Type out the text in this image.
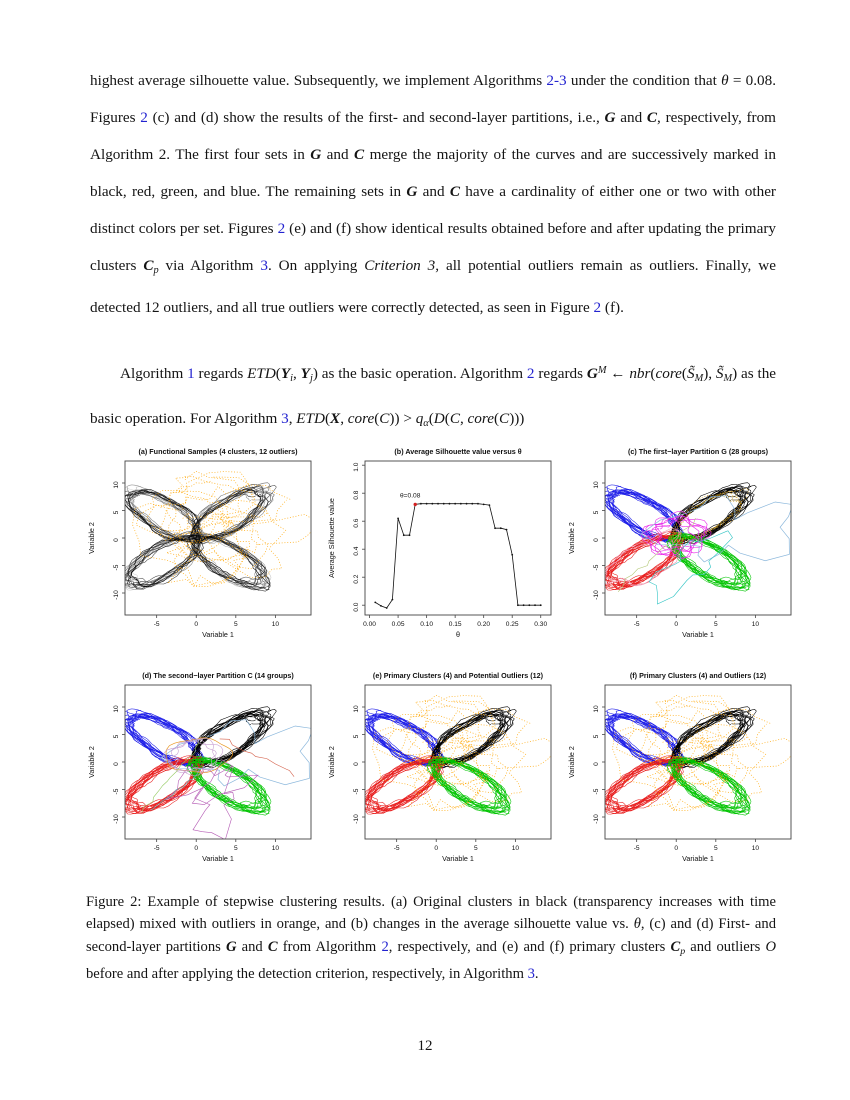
highest average silhouette value. Subsequently, we implement Algorithms 2-3 under the condition that θ = 0.08. Figures 2 (c) and (d) show the results of the first- and second-layer partitions, i.e., G and C, respectively, from Algorithm 2. The first four sets in G and C merge the majority of the curves and are successively marked in black, red, green, and blue. The remaining sets in G and C have a cardinality of either one or two with other distinct colors per set. Figures 2 (e) and (f) show identical results obtained before and after updating the primary clusters Cp via Algorithm 3. On applying Criterion 3, all potential outliers remain as outliers. Finally, we detected 12 outliers, and all true outliers were correctly detected, as seen in Figure 2 (f).
Algorithm 1 regards ETD(Yi, Yj) as the basic operation. Algorithm 2 regards $G^M$ ← nbr(core(S̃M), S̃M) as the basic operation. For Algorithm 3, ETD(X, core(C)) > qα(D(C, core(C)))
-5	0	5	10
-10
-5
0
5
10
Variable 1
Variable 2
(a) Functional Samples (4 clusters, 12 outliers)
0.00 0.05 0.10 0.15 0.20 0.25 0.30
0.0
0.2
0.4
0.6
0.8
1.0
θ
Average Silhouette value
(b) Average Silhouette value versus θ
θ=0.08
-5	0	5	10
-10
-5
0
5
10
Variable 1
Variable 2
(c) The first−layer Partition G (28 groups)
-5	0	5	10
-10
-5
0
5
10
Variable 1
Variable 2
(d) The second−layer Partition C (14 groups)
-5	0	5	10
-10
-5
0
5
10
Variable 1
Variable 2
(e) Primary Clusters (4) and Potential Outliers (12)
-5	0	5	10
-10
-5
0
5
10
Variable 1
Variable 2
(f) Primary Clusters (4) and Outliers (12)
Figure 2: Example of stepwise clustering results. (a) Original clusters in black (transparency increases with time elapsed) mixed with outliers in orange, and (b) changes in the average silhouette value vs. θ, (c) and (d) First- and second-layer partitions G and C from Algorithm 2, respectively, and (e) and (f) primary clusters Cp and outliers O before and after applying the detection criterion, respectively, in Algorithm 3.
12
